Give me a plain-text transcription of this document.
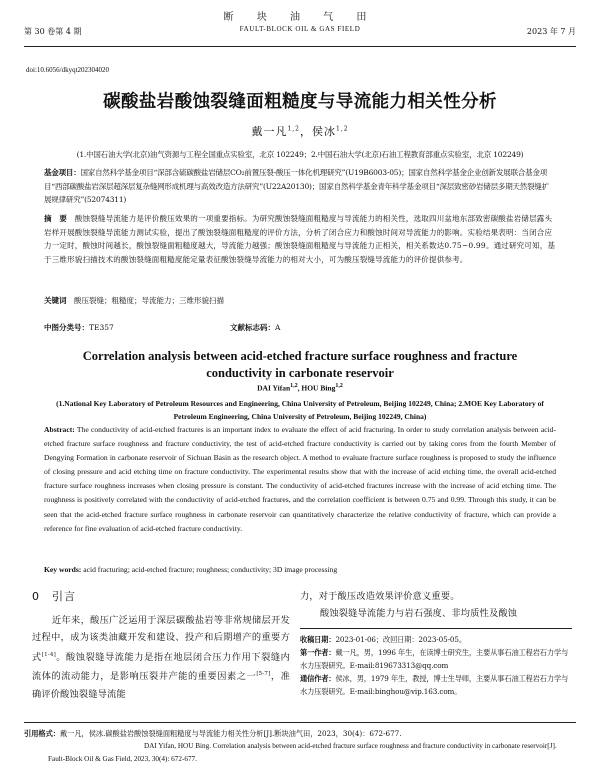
断 块 油 气 田
FAULT-BLOCK OIL & GAS FIELD
第 30 卷第 4 期	2023 年 7 月
doi:10.6056/dkyqt202304020
碳酸盐岩酸蚀裂缝面粗糙度与导流能力相关性分析
戴一凡$^{1,2}$，侯冰$^{1,2}$
(1.中国石油大学(北京)油气资源与工程全国重点实验室，北京 102249；2.中国石油大学(北京)石油工程教育部重点实验室，北京 102249)
基金项目：国家自然科学基金项目“深部含硫碳酸盐岩储层CO₂前置压裂-酸压一体化机理研究”(U19B6003-05)；国家自然科学基金企业创新发展联合基金项目“西部碳酸盐岩深层超深层复杂缝网形成机理与高效改造方法研究”(U22A20130)；国家自然科学基金青年科学基金项目“深层致密砂岩储层多期天然裂缝扩展规律研究”(52074311)
摘　要　 酸蚀裂缝导流能力是评价酸压效果的一项重要指标。为研究酸蚀裂缝面粗糙度与导流能力的相关性，选取四川盆地东部致密碳酸盐岩储层露头岩样开展酸蚀裂缝导流能力测试实验，提出了酸蚀裂缝面粗糙度的评价方法，分析了闭合应力和酸蚀时间对导流能力的影响。实验结果表明：当闭合应力一定时，酸蚀时间越长，酸蚀裂缝面粗糙度越大，导流能力越强；酸蚀裂缝面粗糙度与导流能力正相关，相关系数达0.75~0.99。通过研究可知，基于三维形貌扫描技术的酸蚀裂缝面粗糙度能定量表征酸蚀裂缝导流能力的相对大小，可为酸压裂缝导流能力的评价提供参考。
关键词　 酸压裂缝；粗糙度；导流能力；三维形貌扫描
中图分类号：TE357	文献标志码：A
Correlation analysis between acid-etched fracture surface roughness and fracture conductivity in carbonate reservoir
DAI Yifan$^{1,2}$, HOU Bing$^{1,2}$
(1.National Key Laboratory of Petroleum Resources and Engineering, China University of Petroleum, Beijing 102249, China; 2.MOE Key Laboratory of Petroleum Engineering, China University of Petroleum, Beijing 102249, China)
Abstract: The conductivity of acid-etched fractures is an important index to evaluate the effect of acid fracturing. In order to study correlation analysis between acid-etched fracture surface roughness and fracture conductivity, the test of acid-etched fracture conductivity is carried out by taking cores from the fourth Member of Dengying Formation in carbonate reservoir of Sichuan Basin as the research object. A method to evaluate fracture surface roughness is proposed to study the influence of closing pressure and acid etching time on fracture conductivity. The experimental results show that with the increase of acid etching time, the overall acid-etched fracture surface roughness increases when closing pressure is constant. The conductivity of acid-etched fractures increase with the increase of acid etching time. The roughness is positively correlated with the conductivity of acid-etched fractures, and the correlation coefficient is between 0.75 and 0.99. Through this study, it can be seen that the acid-etched fracture surface roughness in carbonate reservoir can quantitatively characterize the relative conductivity of fracture, which can provide a reference for fine evaluation of acid-etched fracture conductivity.
Key words: acid fracturing; acid-etched fracture; roughness; conductivity; 3D image processing
0 引言
近年来，酸压广泛运用于深层碳酸盐岩等非常规储层开发过程中，成为该类油藏开发和建设、投产和后期增产的重要方式[1-4]。酸蚀裂缝导流能力是指在地层闭合压力作用下裂缝内流体的流动能力，是影响压裂井产能的重要因素之一[5-7]，准确评价酸蚀裂缝导流能
力，对于酸压改造效果评价意义重要。
酸蚀裂缝导流能力与岩石强度、非均质性及酸蚀

收稿日期：2023-01-06；改回日期：2023-05-05。

第一作者：戴一凡，男，1996 年生，在读博士研究生，主要从事石油工程岩石力学与水力压裂研究。E-mail:819673313@qq.com

通信作者：侯冰，男，1979 年生，教授，博士生导师，主要从事石油工程岩石力学与水力压裂研究。E-mail:binghou@vip.163.com。

引用格式：戴一凡，侯冰.碳酸盐岩酸蚀裂缝面粗糙度与导流能力相关性分析[J].断块油气田，2023，30(4)：672-677.

DAI Yifan, HOU Bing. Correlation analysis between acid-etched fracture surface roughness and fracture conductivity in carbonate reservoir[J].

Fault-Block Oil & Gas Field, 2023, 30(4): 672-677.
